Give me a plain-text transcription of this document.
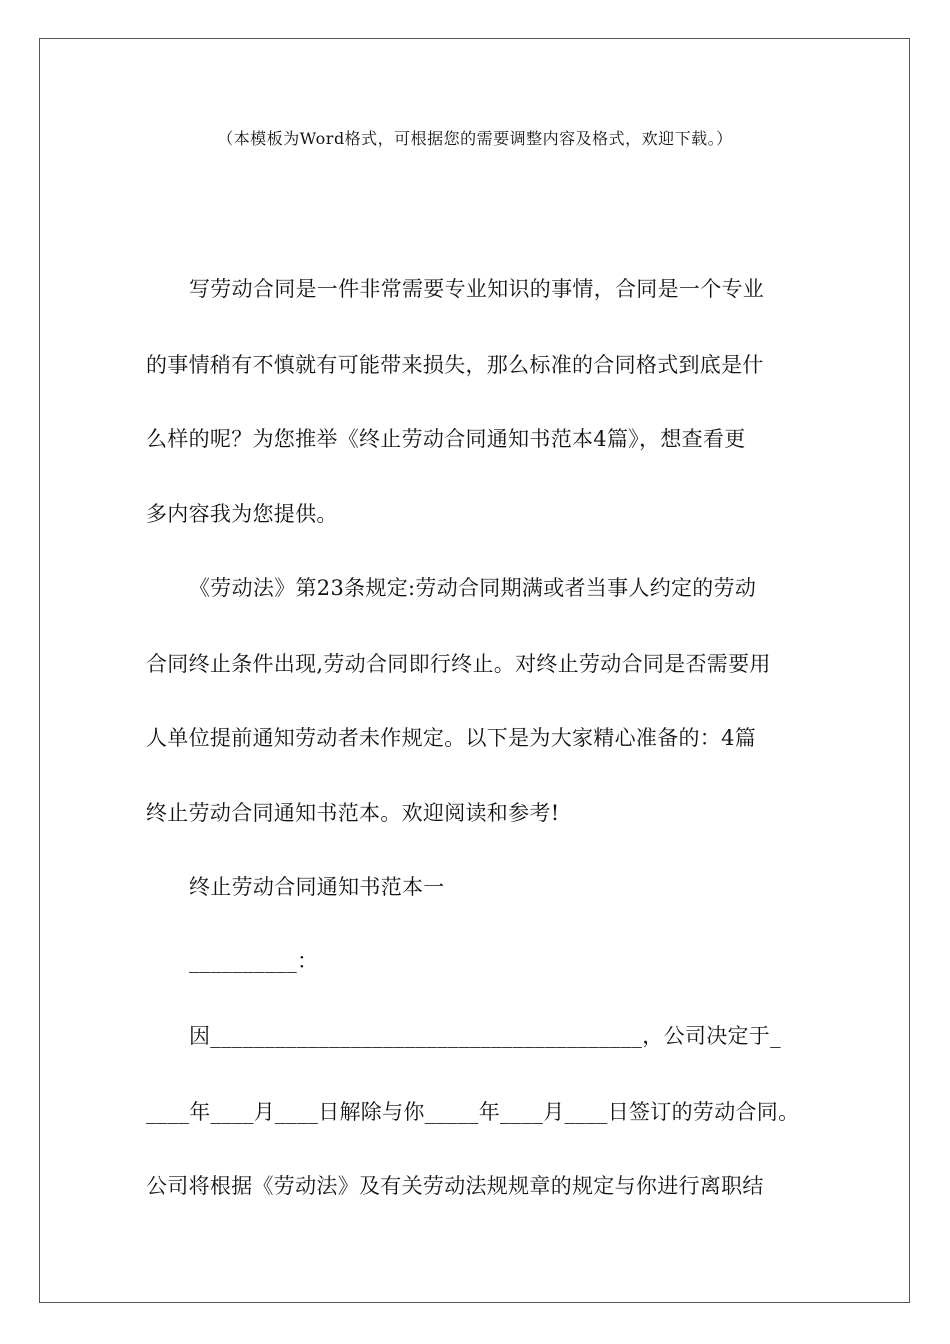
（本模板为Word格式，可根据您的需要调整内容及格式，欢迎下载。）
写劳动合同是一件非常需要专业知识的事情，合同是一个专业
的事情稍有不慎就有可能带来损失，那么标准的合同格式到底是什
么样的呢？为您推举《终止劳动合同通知书范本4篇》，想查看更
多内容我为您提供。
《劳动法》第23条规定:劳动合同期满或者当事人约定的劳动
合同终止条件出现,劳动合同即行终止。对终止劳动合同是否需要用
人单位提前通知劳动者未作规定。以下是为大家精心准备的：4篇
终止劳动合同通知书范本。欢迎阅读和参考!
终止劳动合同通知书范本一
__________：
因________________________________________，公司决定于_
____年____月____日解除与你_____年____月____日签订的劳动合同。
公司将根据《劳动法》及有关劳动法规规章的规定与你进行离职结
